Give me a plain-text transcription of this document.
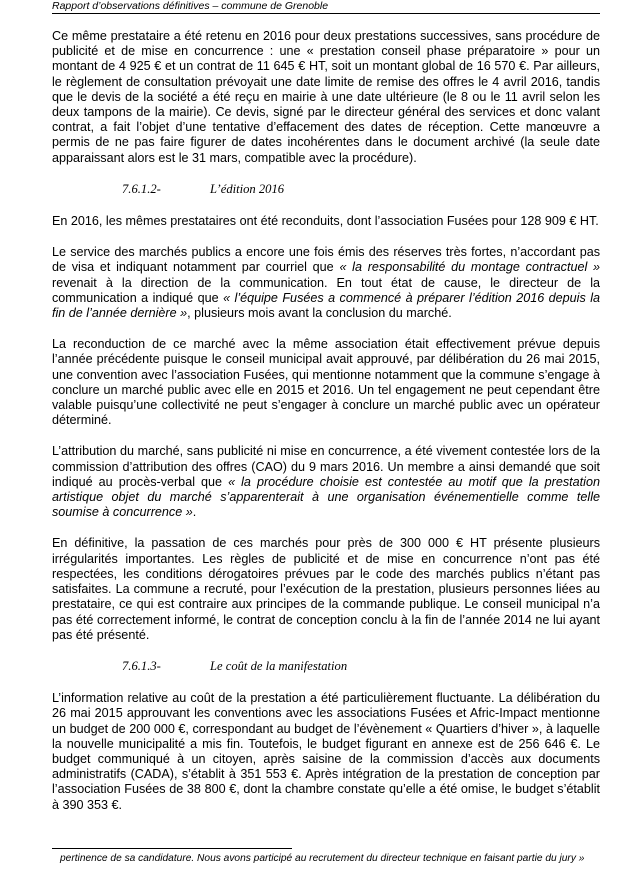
Rapport d’observations définitives – commune de Grenoble

Ce même prestataire a été retenu en 2016 pour deux prestations successives, sans procédure de publicité et de mise en concurrence : une « prestation conseil phase préparatoire » pour un montant de 4 925 € et un contrat de 11 645 € HT, soit un montant global de 16 570 €. Par ailleurs, le règlement de consultation prévoyait une date limite de remise des offres le 4 avril 2016, tandis que le devis de la société a été reçu en mairie à une date ultérieure (le 8 ou le 11 avril selon les deux tampons de la mairie). Ce devis, signé par le directeur général des services et donc valant contrat, a fait l’objet d’une tentative d’effacement des dates de réception. Cette manœuvre a permis de ne pas faire figurer de dates incohérentes dans le document archivé (la seule date apparaissant alors est le 31 mars, compatible avec la procédure).

7.6.1.2-	L’édition 2016

En 2016, les mêmes prestataires ont été reconduits, dont l’association Fusées pour 128 909 € HT.

Le service des marchés publics a encore une fois émis des réserves très fortes, n’accordant pas de visa et indiquant notamment par courriel que « la responsabilité du montage contractuel » revenait à la direction de la communication. En tout état de cause, le directeur de la communication a indiqué que « l’équipe Fusées a commencé à préparer l’édition 2016 depuis la fin de l’année dernière », plusieurs mois avant la conclusion du marché.

La reconduction de ce marché avec la même association était effectivement prévue depuis l’année précédente puisque le conseil municipal avait approuvé, par délibération du 26 mai 2015, une convention avec l’association Fusées, qui mentionne notamment que la commune s’engage à conclure un marché public avec elle en 2015 et 2016. Un tel engagement ne peut cependant être valable puisqu’une collectivité ne peut s’engager à conclure un marché public avec un opérateur déterminé.

L’attribution du marché, sans publicité ni mise en concurrence, a été vivement contestée lors de la commission d’attribution des offres (CAO) du 9 mars 2016. Un membre a ainsi demandé que soit indiqué au procès-verbal que « la procédure choisie est contestée au motif que la prestation artistique objet du marché s’apparenterait à une organisation événementielle comme telle soumise à concurrence ».

En définitive, la passation de ces marchés pour près de 300 000 € HT présente plusieurs irrégularités importantes. Les règles de publicité et de mise en concurrence n’ont pas été respectées, les conditions dérogatoires prévues par le code des marchés publics n’étant pas satisfaites. La commune a recruté, pour l’exécution de la prestation, plusieurs personnes liées au prestataire, ce qui est contraire aux principes de la commande publique. Le conseil municipal n’a pas été correctement informé, le contrat de conception conclu à la fin de l’année 2014 ne lui ayant pas été présenté.

7.6.1.3-	Le coût de la manifestation

L’information relative au coût de la prestation a été particulièrement fluctuante. La délibération du 26 mai 2015 approuvant les conventions avec les associations Fusées et Afric-Impact mentionne un budget de 200 000 €, correspondant au budget de l’évènement « Quartiers d’hiver », à laquelle la nouvelle municipalité a mis fin. Toutefois, le budget figurant en annexe est de 256 646 €. Le budget communiqué à un citoyen, après saisine de la commission d’accès aux documents administratifs (CADA), s’établit à 351 553 €. Après intégration de la prestation de conception par l’association Fusées de 38 800 €, dont la chambre constate qu’elle a été omise, le budget s’établit à 390 353 €.

pertinence de sa candidature. Nous avons participé au recrutement du directeur technique en faisant partie du jury »
